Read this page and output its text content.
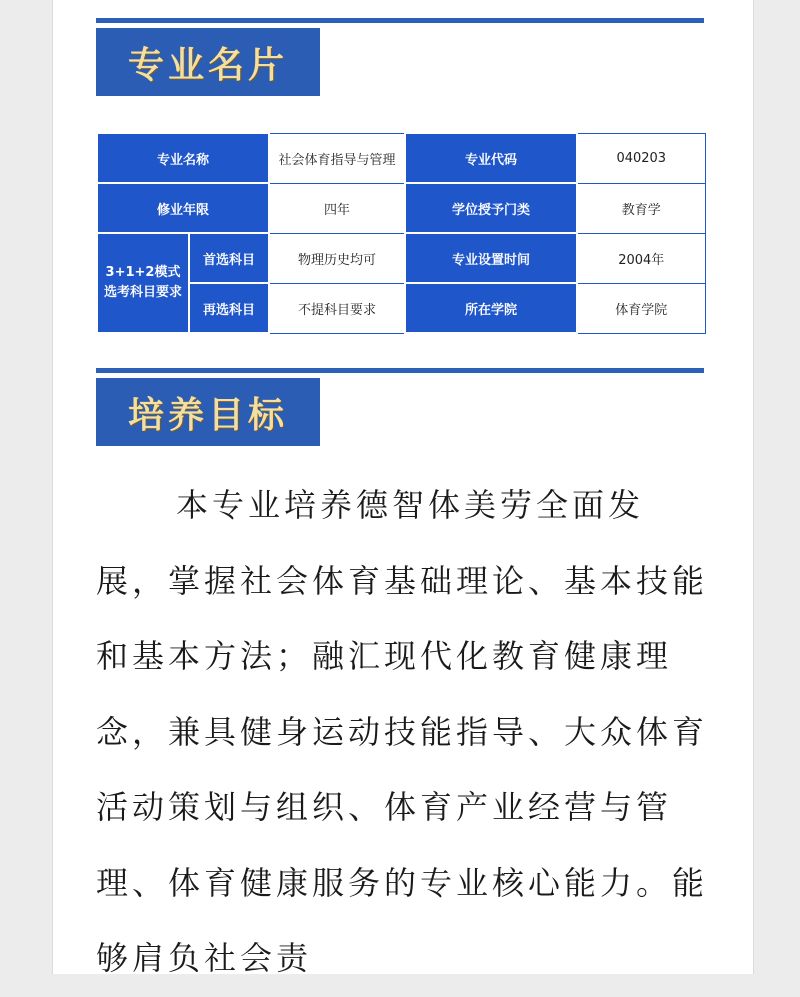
专业名片
专业名称		社会体育指导与管理	专业代码	040203
修业年限		四年	学位授予门类	教育学
3+1+2模式
选考科目要求	首选科目	物理历史均可	专业设置时间	2004年
	再选科目	不提科目要求	所在学院	体育学院
培养目标

本专业培养德智体美劳全面发展，掌握社会体育基础理论、基本技能和基本方法；融汇现代化教育健康理念，兼具健身运动技能指导、大众体育活动策划与组织、体育产业经营与管理、体育健康服务的专业核心能力。能够肩负社会责
